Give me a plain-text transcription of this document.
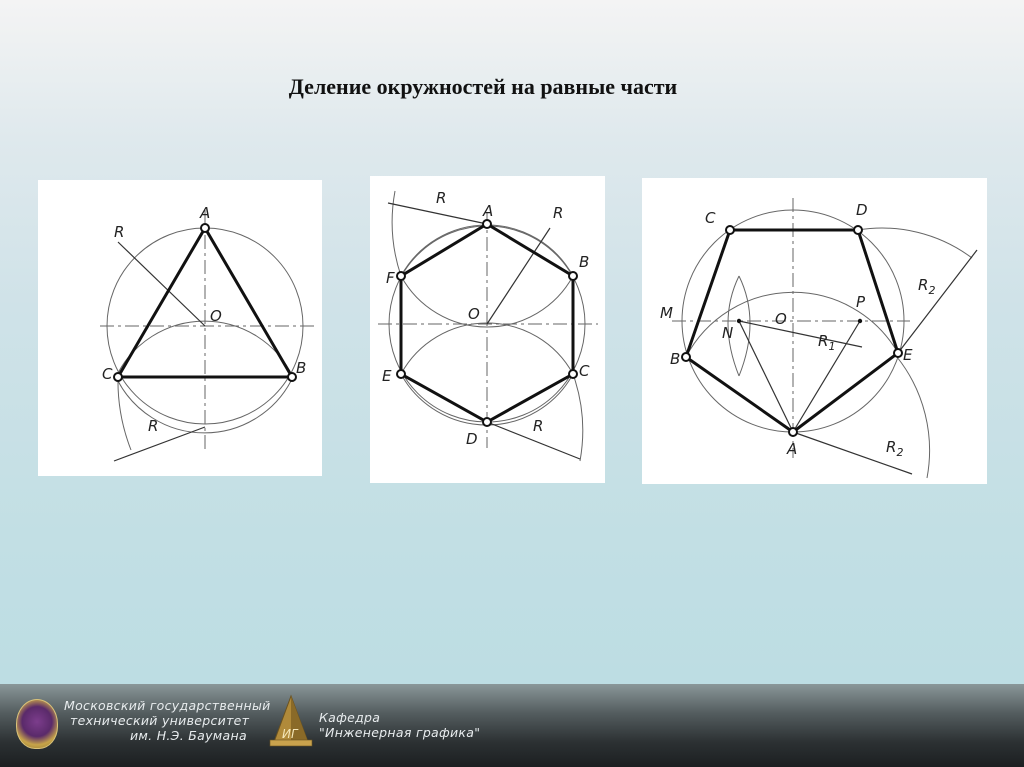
Деление окружностей на равные части
A
B
C
O
R
R
A
B
C
D
E
F
O
R
R
R
A
B
C	D
E
M
N
O
P
$R_1$
$R_2$
$R_2$
Московский государственный
технический университет
им. Н.Э. Баумана	ИГ
Кафедра
"Инженерная графика"
